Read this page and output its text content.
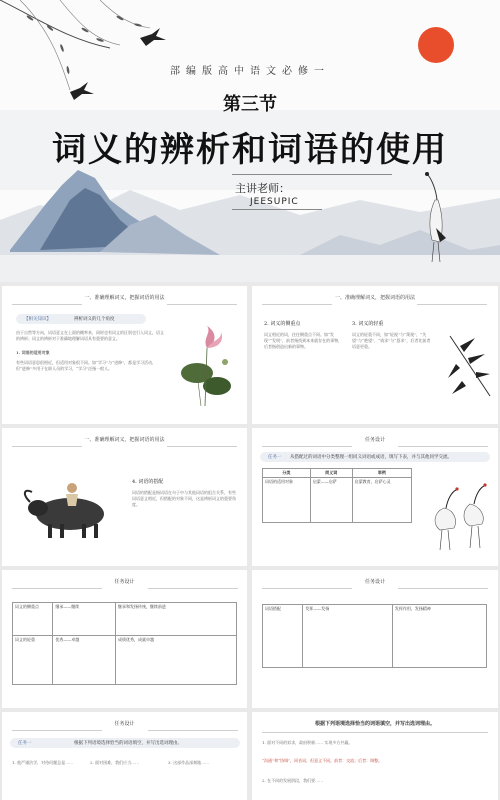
部编版高中语文必修一
第三节
词义的辨析和词语的使用
主讲老师：
JEESUPIC
一、准确理解词义，把握词语的用法
【相关知识】	辨析词义的几个角度
由于自然等方向，词语意义在上面的概率来，同时也有词义的区别也引入词义，语义的辨析；词义的辨析对于准确地理解词语具有重要的意义。
1. 词语的适用对象
有些词语意思很相近，但适用对象很不同。如“学习”与“进修”，都是学习活动，但“进修”多用于在职人员的学习，“学习”泛指一般人。
一、准确理解词义，把握词语的用法
2. 词义的侧重点
词义相近的词，往往侧重点不同。如“发现”“发明”，前者指找到本来就存在的事物，后者指创造出新的事物。
3. 词义的轻重
词义的轻重不同，如“轻视”与“蔑视”，“失望”与“绝望”，“请求”与“恳求”，后者比前者语意更重。
一、准确理解词义，把握词语的用法
4. 词语的搭配
词语的搭配是指词语在句子中与其他词语的组合关系，有些词语意义相近，但搭配的对象不同，这是辨析词义的重要角度。
任务设计
任务一 从搭配过的词语中分类整理一组同义词语或成语，填写下表，并与其他同学交流。
分类	同义词	举例
词语的适用对象	启蒙——启萨	启蒙教育，启萨心灵
任务设计
词义的侧重点	继承——继续	继承和发扬传统，继续前进
词义的轻重	优秀——卓越	成绩优秀，成就卓越
任务设计
词语搭配	发挥——发扬	发挥作用，发扬精神
任务设计
任务一	根据下列语境选择恰当的词语填空，并写出选词理由。
1. 他严谨治学，对待问题总是……	2. 面对困难，我们应当……	3. 这部作品深刻地……
根据下列语境选择恰当的词语填空，并写出选词理由。
1. 面对不同的诉求，政府积极…… 实现多方共赢。
“沟通”和“协调”，同音词，但意义不同。前者：交流；后者：调整。
2. 在不同的发展阶段，我们要……
